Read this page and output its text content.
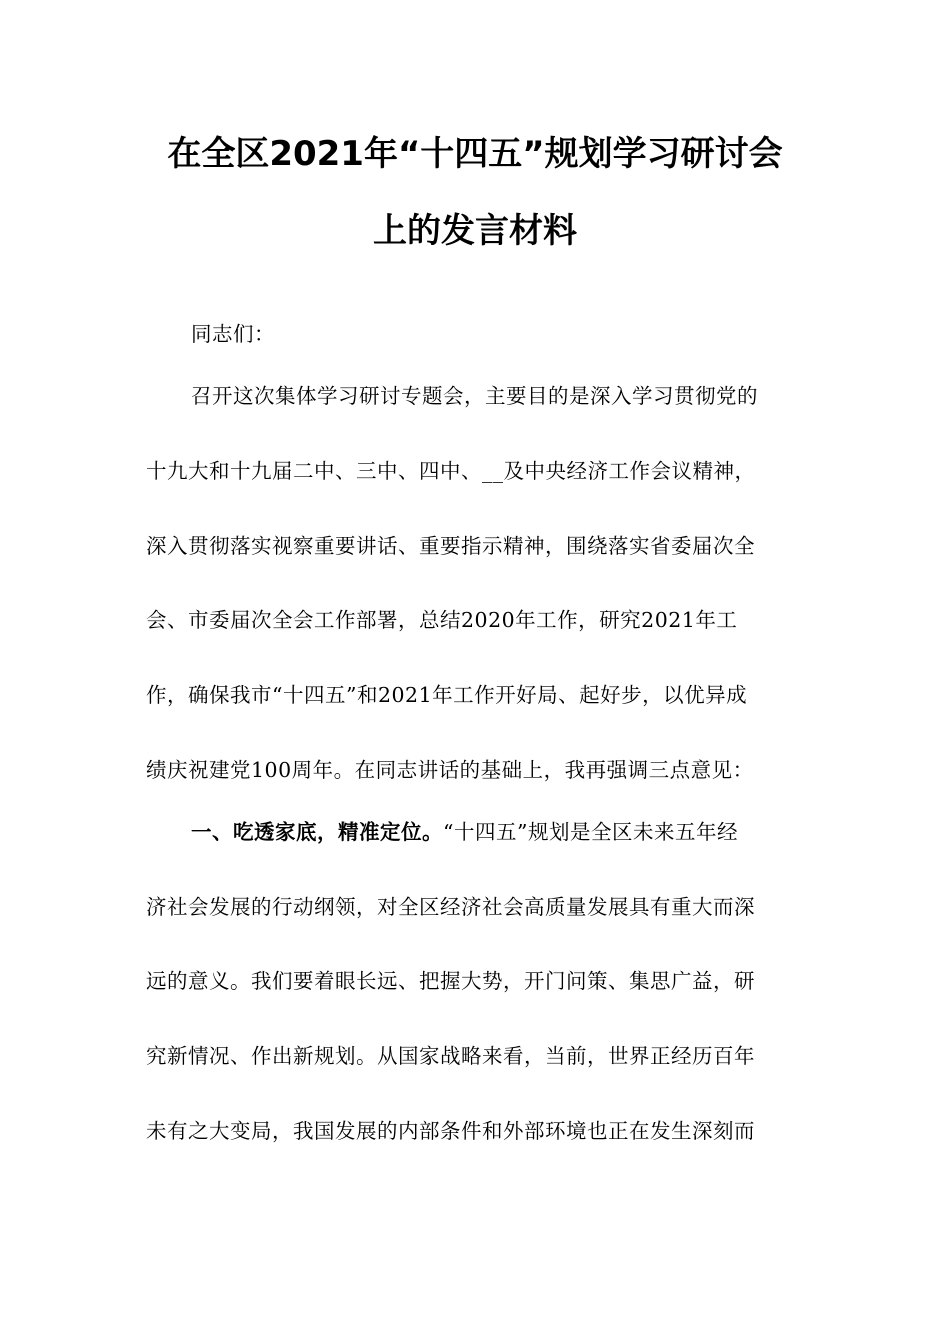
在全区2021年“十四五”规划学习研讨会
上的发言材料
同志们：
召开这次集体学习研讨专题会，主要目的是深入学习贯彻党的
十九大和十九届二中、三中、四中、__及中央经济工作会议精神，
深入贯彻落实视察重要讲话、重要指示精神，围绕落实省委届次全
会、市委届次全会工作部署，总结2020年工作，研究2021年工
作，确保我市“十四五”和2021年工作开好局、起好步，以优异成
绩庆祝建党100周年。在同志讲话的基础上，我再强调三点意见：
一、吃透家底，精准定位。“十四五”规划是全区未来五年经
济社会发展的行动纲领，对全区经济社会高质量发展具有重大而深
远的意义。我们要着眼长远、把握大势，开门问策、集思广益，研
究新情况、作出新规划。从国家战略来看，当前，世界正经历百年
未有之大变局，我国发展的内部条件和外部环境也正在发生深刻而
